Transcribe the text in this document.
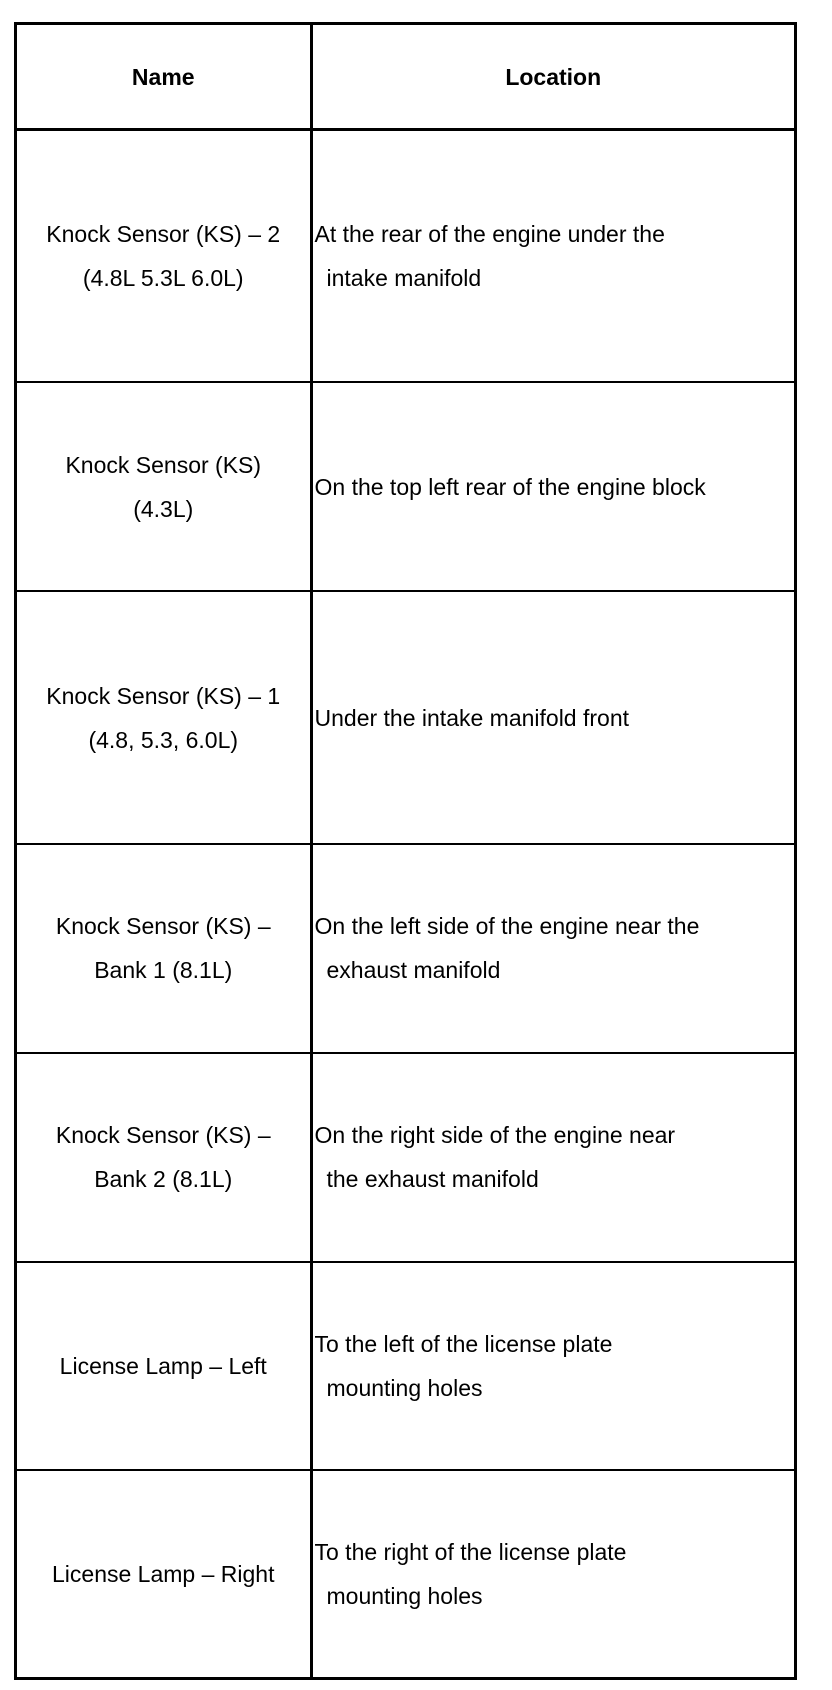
Name	Location

Knock Sensor (KS) – 2
(4.8L 5.3L 6.0L)	At the rear of the engine under the
intake manifold

Knock Sensor (KS)
(4.3L)	On the top left rear of the engine block

Knock Sensor (KS) – 1
(4.8, 5.3, 6.0L)	Under the intake manifold front

Knock Sensor (KS) –
Bank 1 (8.1L)	On the left side of the engine near the
exhaust manifold

Knock Sensor (KS) –
Bank 2 (8.1L)	On the right side of the engine near
the exhaust manifold

License Lamp – Left	To the left of the license plate
mounting holes

License Lamp – Right	To the right of the license plate
mounting holes
